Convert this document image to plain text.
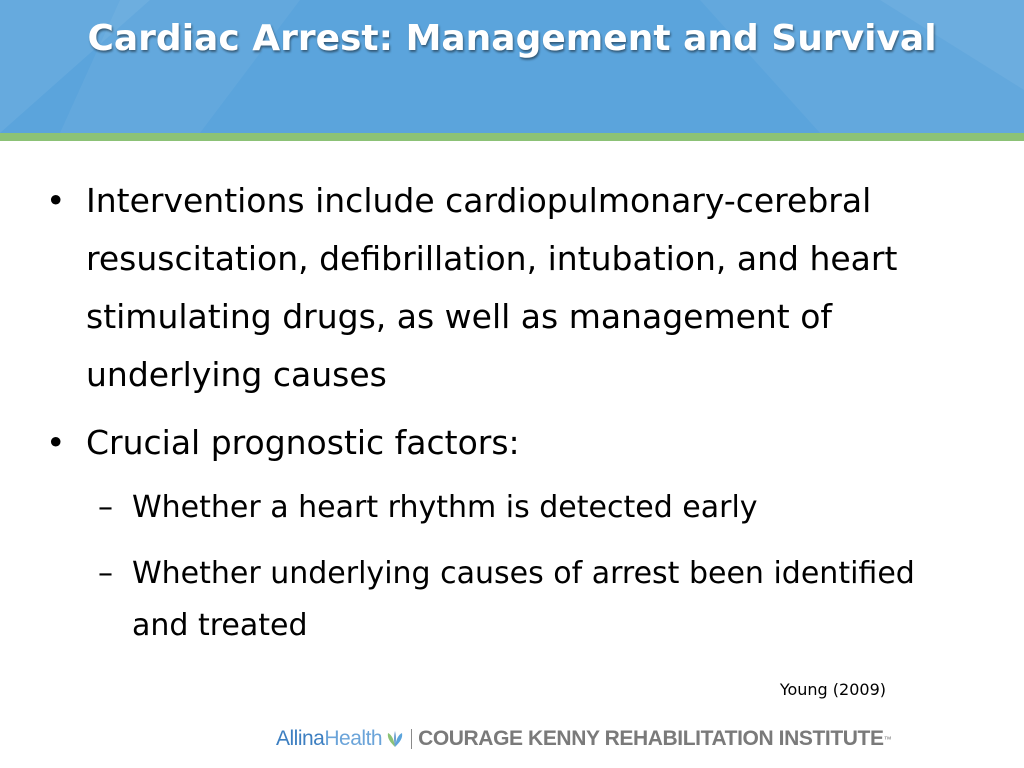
Cardiac Arrest: Management and Survival
• Interventions include cardiopulmonary-cerebral resuscitation, defibrillation, intubation, and heart stimulating drugs, as well as management of underlying causes
• Crucial prognostic factors:
– Whether a heart rhythm is detected early
– Whether underlying causes of arrest been identified and treated
Young (2009)
AllinaHealth COURAGE KENNY REHABILITATION INSTITUTE ™
